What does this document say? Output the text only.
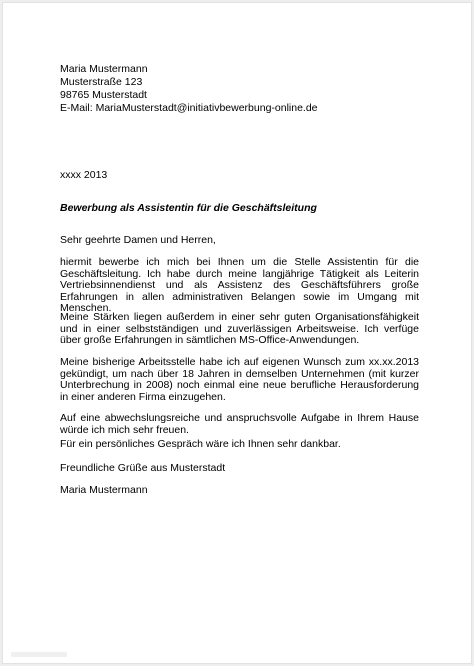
Maria Mustermann
Musterstraße 123
98765 Musterstadt
E-Mail: MariaMusterstadt@initiativbewerbung-online.de
xxxx 2013
Bewerbung als Assistentin für die Geschäftsleitung
Sehr geehrte Damen und Herren,
hiermit bewerbe ich mich bei Ihnen um die Stelle Assistentin für die Geschäftsleitung. Ich habe durch meine langjährige Tätigkeit als Leiterin Vertriebsinnendienst und als Assistenz des Geschäftsführers große Erfahrungen in allen administrativen Belangen sowie im Umgang mit Menschen.
Meine Stärken liegen außerdem in einer sehr guten Organisationsfähigkeit und in einer selbstständigen und zuverlässigen Arbeitsweise. Ich verfüge über große Erfahrungen in sämtlichen MS-Office-Anwendungen.
Meine bisherige Arbeitsstelle habe ich auf eigenen Wunsch zum xx.xx.2013 gekündigt, um nach über 18 Jahren in demselben Unternehmen (mit kurzer Unterbrechung in 2008) noch einmal eine neue berufliche Herausforderung in einer anderen Firma einzugehen.
Auf eine abwechslungsreiche und anspruchsvolle Aufgabe in Ihrem Hause würde ich mich sehr freuen.
Für ein persönliches Gespräch wäre ich Ihnen sehr dankbar.
Freundliche Grüße aus Musterstadt
Maria Mustermann
